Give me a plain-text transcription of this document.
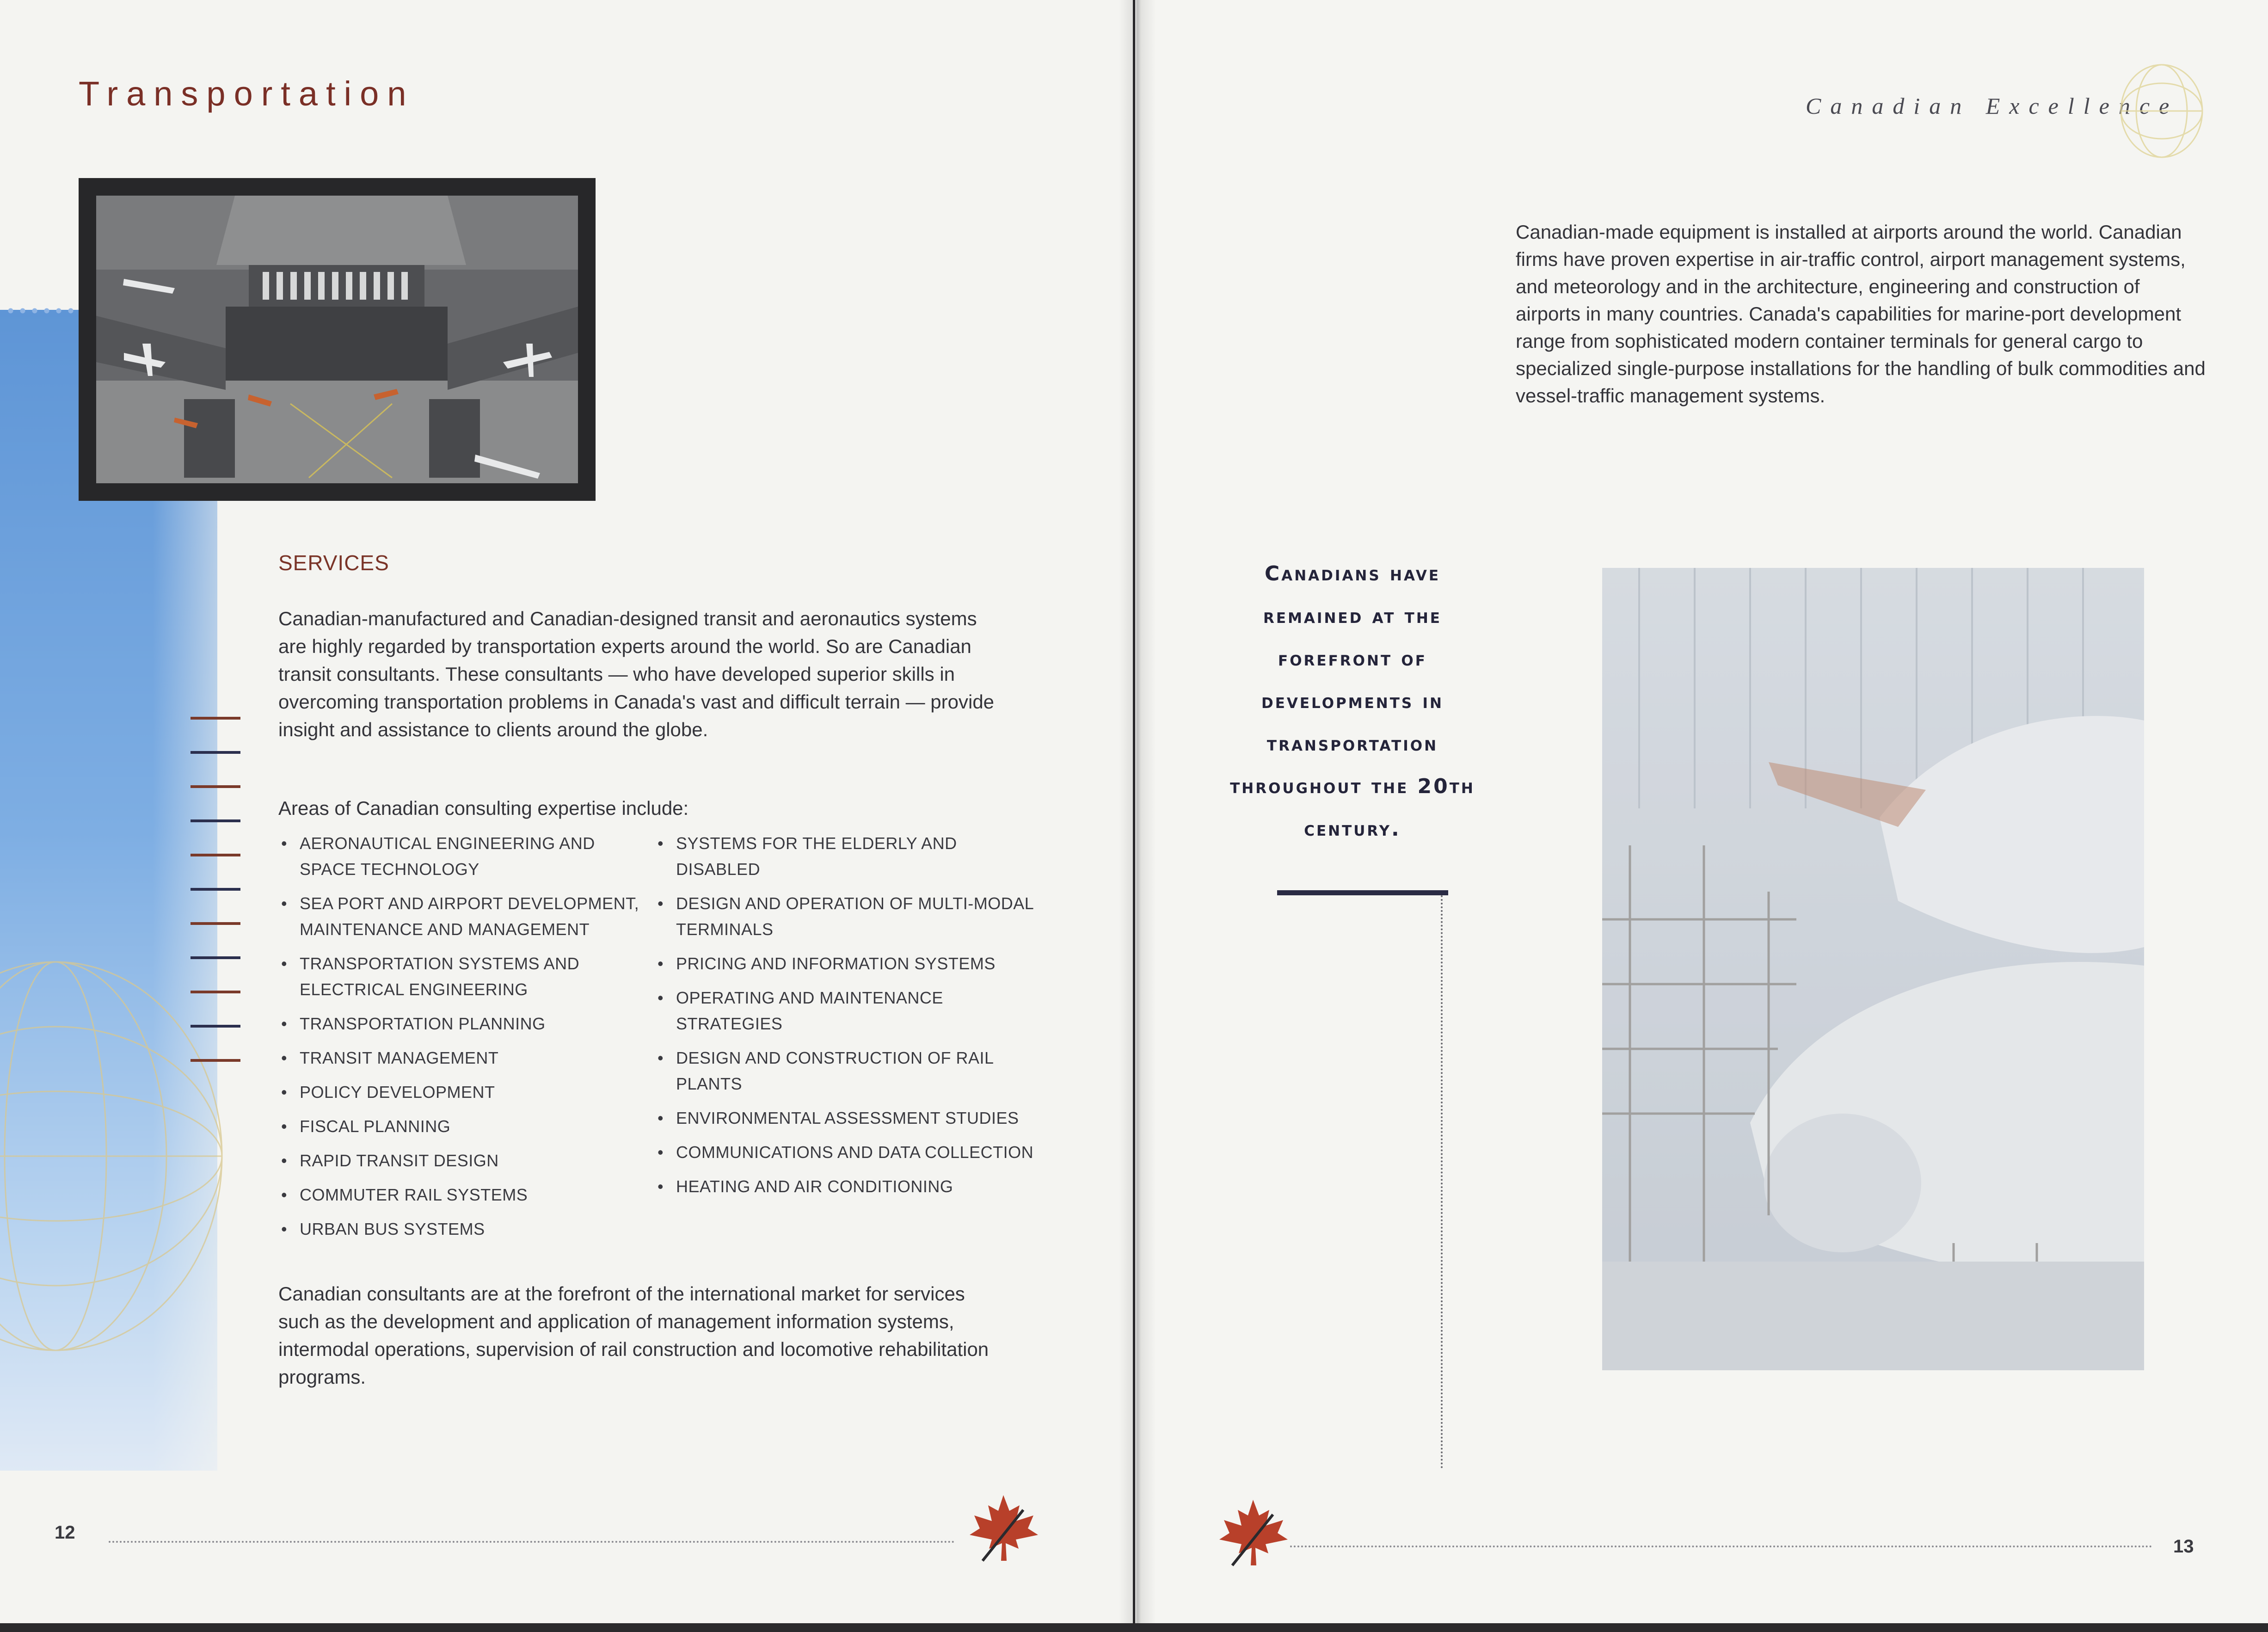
Transportation
SERVICES

Canadian-manufactured and Canadian-designed transit and aeronautics systems are highly regarded by transportation experts around the world. So are Canadian transit consultants. These consultants — who have developed superior skills in overcoming transportation problems in Canada's vast and difficult terrain — provide insight and assistance to clients around the globe.

Areas of Canadian consulting expertise include:

• AERONAUTICAL ENGINEERING AND SPACE TECHNOLOGY
• SEA PORT AND AIRPORT DEVELOPMENT, MAINTENANCE AND MANAGEMENT
• TRANSPORTATION SYSTEMS AND ELECTRICAL ENGINEERING
• TRANSPORTATION PLANNING
• TRANSIT MANAGEMENT
• POLICY DEVELOPMENT
• FISCAL PLANNING
• RAPID TRANSIT DESIGN
• COMMUTER RAIL SYSTEMS
• URBAN BUS SYSTEMS
• SYSTEMS FOR THE ELDERLY AND DISABLED
• DESIGN AND OPERATION OF MULTI-MODAL TERMINALS
• PRICING AND INFORMATION SYSTEMS
• OPERATING AND MAINTENANCE STRATEGIES
• DESIGN AND CONSTRUCTION OF RAIL PLANTS
• ENVIRONMENTAL ASSESSMENT STUDIES
• COMMUNICATIONS AND DATA COLLECTION
• HEATING AND AIR CONDITIONING

Canadian consultants are at the forefront of the international market for services such as the development and application of management information systems, intermodal operations, supervision of rail construction and locomotive rehabilitation programs.

12

Canadian Excellence

Canadian-made equipment is installed at airports around the world. Canadian firms have proven expertise in air-traffic control, airport management systems, and meteorology and in the architecture, engineering and construction of airports in many countries. Canada's capabilities for marine-port development range from sophisticated modern container terminals for general cargo to specialized single-purpose installations for the handling of bulk commodities and vessel-traffic management systems.

Canadians have remained at the forefront of developments in transportation throughout the 20th century.

13
